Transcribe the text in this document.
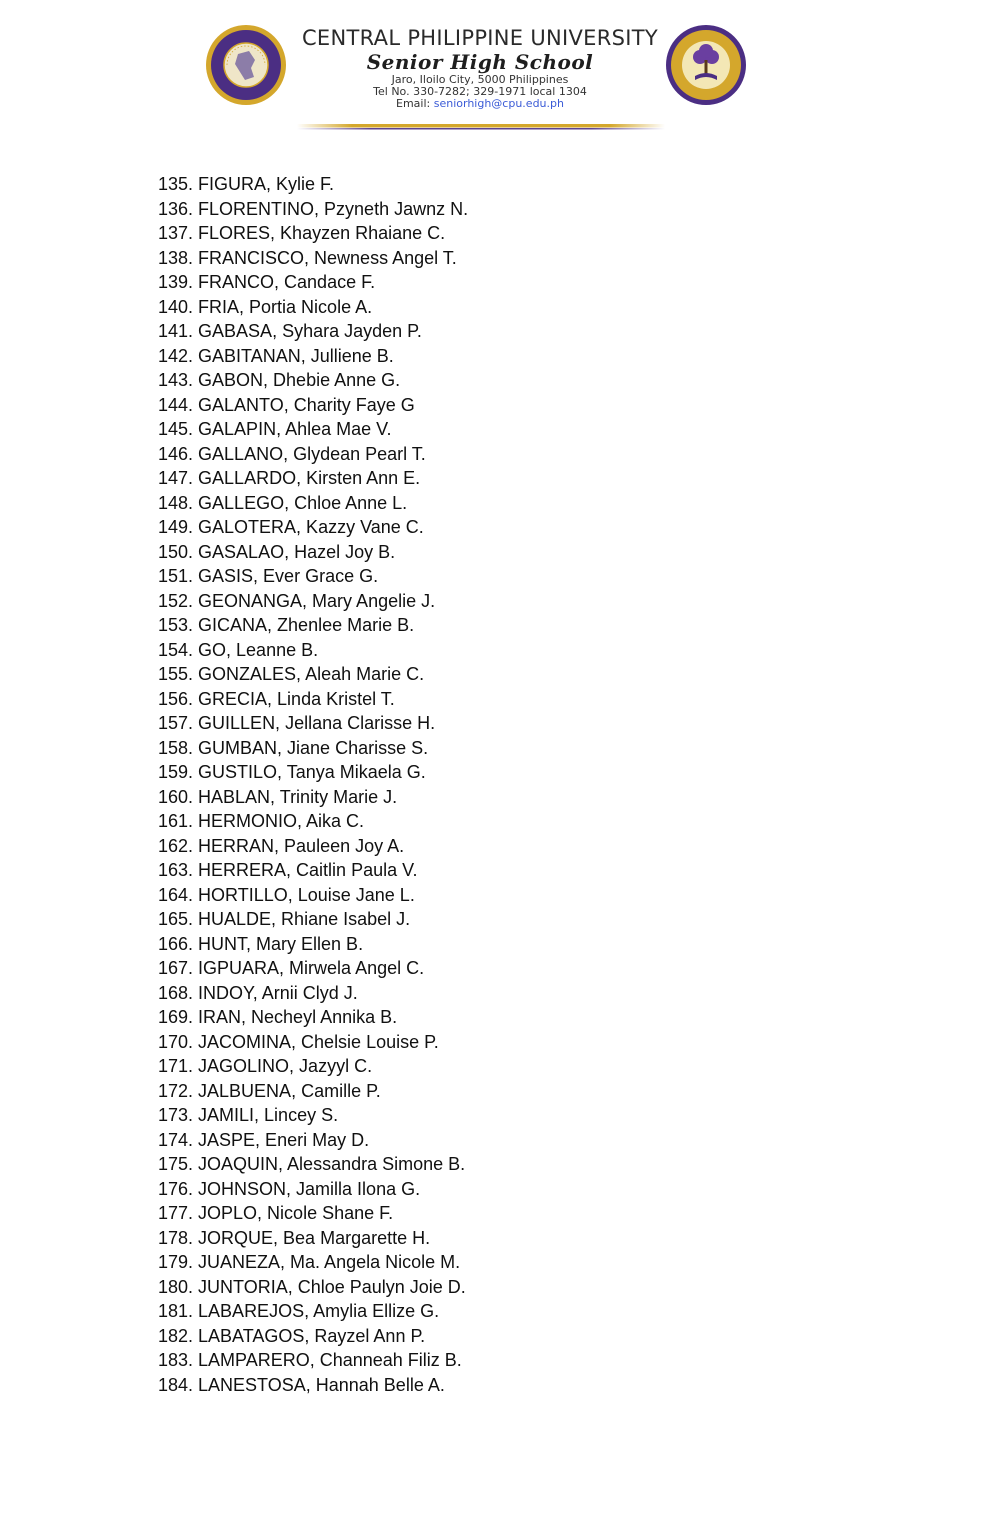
CENTRAL PHILIPPINE UNIVERSITY
Senior High School
Jaro, Iloilo City, 5000 Philippines
Tel No. 330-7282; 329-1971 local 1304
Email: seniorhigh@cpu.edu.ph
135. FIGURA, Kylie F.
136. FLORENTINO, Pzyneth Jawnz N.
137. FLORES, Khayzen Rhaiane C.
138. FRANCISCO, Newness Angel T.
139. FRANCO, Candace F.
140. FRIA, Portia Nicole A.
141. GABASA, Syhara Jayden P.
142. GABITANAN, Julliene B.
143. GABON, Dhebie Anne G.
144. GALANTO, Charity Faye G
145. GALAPIN, Ahlea Mae V.
146. GALLANO, Glydean Pearl T.
147. GALLARDO, Kirsten Ann E.
148. GALLEGO, Chloe Anne L.
149. GALOTERA, Kazzy Vane C.
150. GASALAO, Hazel Joy B.
151. GASIS, Ever Grace G.
152. GEONANGA, Mary Angelie J.
153. GICANA, Zhenlee Marie B.
154. GO, Leanne B.
155. GONZALES, Aleah Marie C.
156. GRECIA, Linda Kristel T.
157. GUILLEN, Jellana Clarisse H.
158. GUMBAN, Jiane Charisse S.
159. GUSTILO, Tanya Mikaela G.
160. HABLAN, Trinity Marie J.
161. HERMONIO, Aika C.
162. HERRAN, Pauleen Joy A.
163. HERRERA, Caitlin Paula V.
164. HORTILLO, Louise Jane L.
165. HUALDE, Rhiane Isabel J.
166. HUNT, Mary Ellen B.
167. IGPUARA, Mirwela Angel C.
168. INDOY, Arnii Clyd J.
169. IRAN, Necheyl Annika B.
170. JACOMINA, Chelsie Louise P.
171. JAGOLINO, Jazyyl C.
172. JALBUENA, Camille P.
173. JAMILI, Lincey S.
174. JASPE, Eneri May D.
175. JOAQUIN, Alessandra Simone B.
176. JOHNSON, Jamilla Ilona G.
177. JOPLO, Nicole Shane F.
178. JORQUE, Bea Margarette H.
179. JUANEZA, Ma. Angela Nicole M.
180. JUNTORIA, Chloe Paulyn Joie D.
181. LABAREJOS, Amylia Ellize G.
182. LABATAGOS, Rayzel Ann P.
183. LAMPARERO, Channeah Filiz B.
184. LANESTOSA, Hannah Belle A.
